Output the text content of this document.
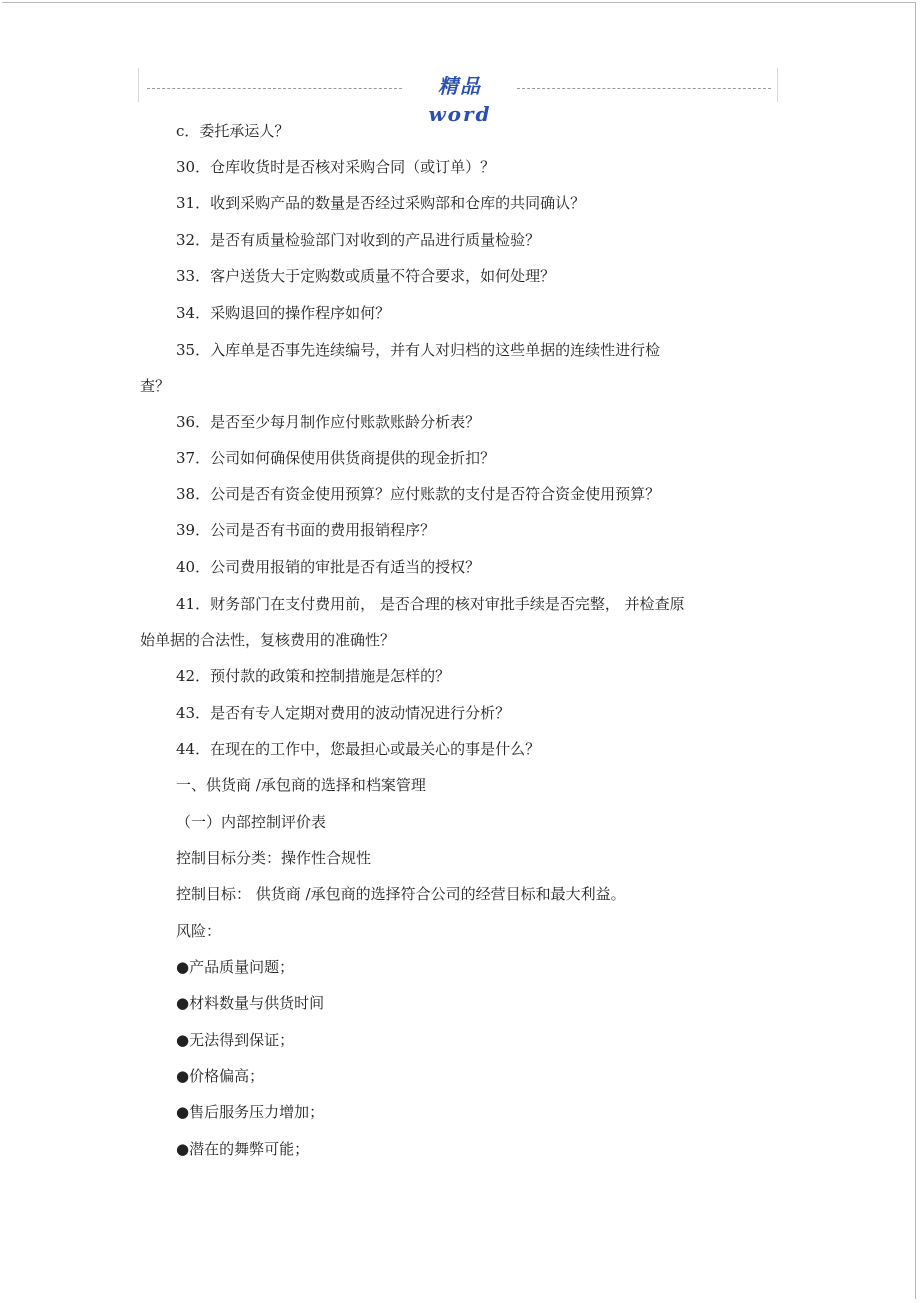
精品 word
c．委托承运人？
30．仓库收货时是否核对采购合同（或订单）？
31．收到采购产品的数量是否经过采购部和仓库的共同确认？
32．是否有质量检验部门对收到的产品进行质量检验？
33．客户送货大于定购数或质量不符合要求，如何处理？
34．采购退回的操作程序如何？
35．入库单是否事先连续编号，并有人对归档的这些单据的连续性进行检
查？
36．是否至少每月制作应付账款账龄分析表？
37．公司如何确保使用供货商提供的现金折扣？
38．公司是否有资金使用预算？应付账款的支付是否符合资金使用预算？
39．公司是否有书面的费用报销程序？
40．公司费用报销的审批是否有适当的授权？
41．财务部门在支付费用前， 是否合理的核对审批手续是否完整， 并检查原
始单据的合法性，复核费用的准确性？
42．预付款的政策和控制措施是怎样的？
43．是否有专人定期对费用的波动情况进行分析？
44．在现在的工作中，您最担心或最关心的事是什么？
一、供货商 /承包商的选择和档案管理
（一）内部控制评价表
控制目标分类：操作性合规性
控制目标： 供货商 /承包商的选择符合公司的经营目标和最大利益。
风险：
●产品质量问题；
●材料数量与供货时间
●无法得到保证；
●价格偏高；
●售后服务压力增加；
●潜在的舞弊可能；
